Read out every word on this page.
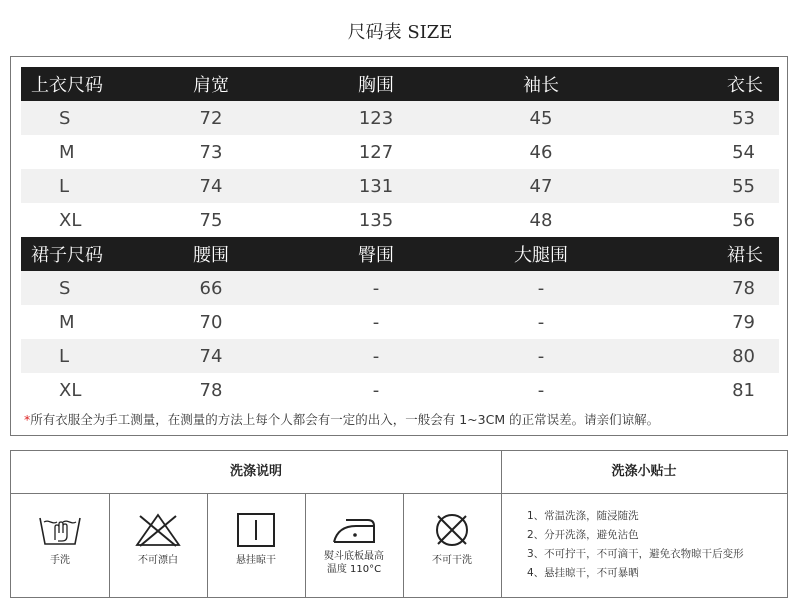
尺码表 SIZE
上衣尺码	肩宽	胸围	袖长	衣长
S	72	123	45	53
M	73	127	46	54
L	74	131	47	55
XL	75	135	48	56
裙子尺码	腰围	臀围	大腿围	裙长
S	66	-	-	78
M	70	-	-	79
L	74	-	-	80
XL	78	-	-	81
*所有衣服全为手工测量，在测量的方法上每个人都会有一定的出入，一般会有 1~3CM 的正常误差。请亲们谅解。
洗涤说明	洗涤小贴士
手洗	不可漂白	悬挂晾干	熨斗底板最高
温度 110°C
不可干洗
1、常温洗涤，随浸随洗
2、分开洗涤，避免沾色
3、不可拧干，不可滴干，避免衣物晾干后变形
4、悬挂晾干，不可暴晒
